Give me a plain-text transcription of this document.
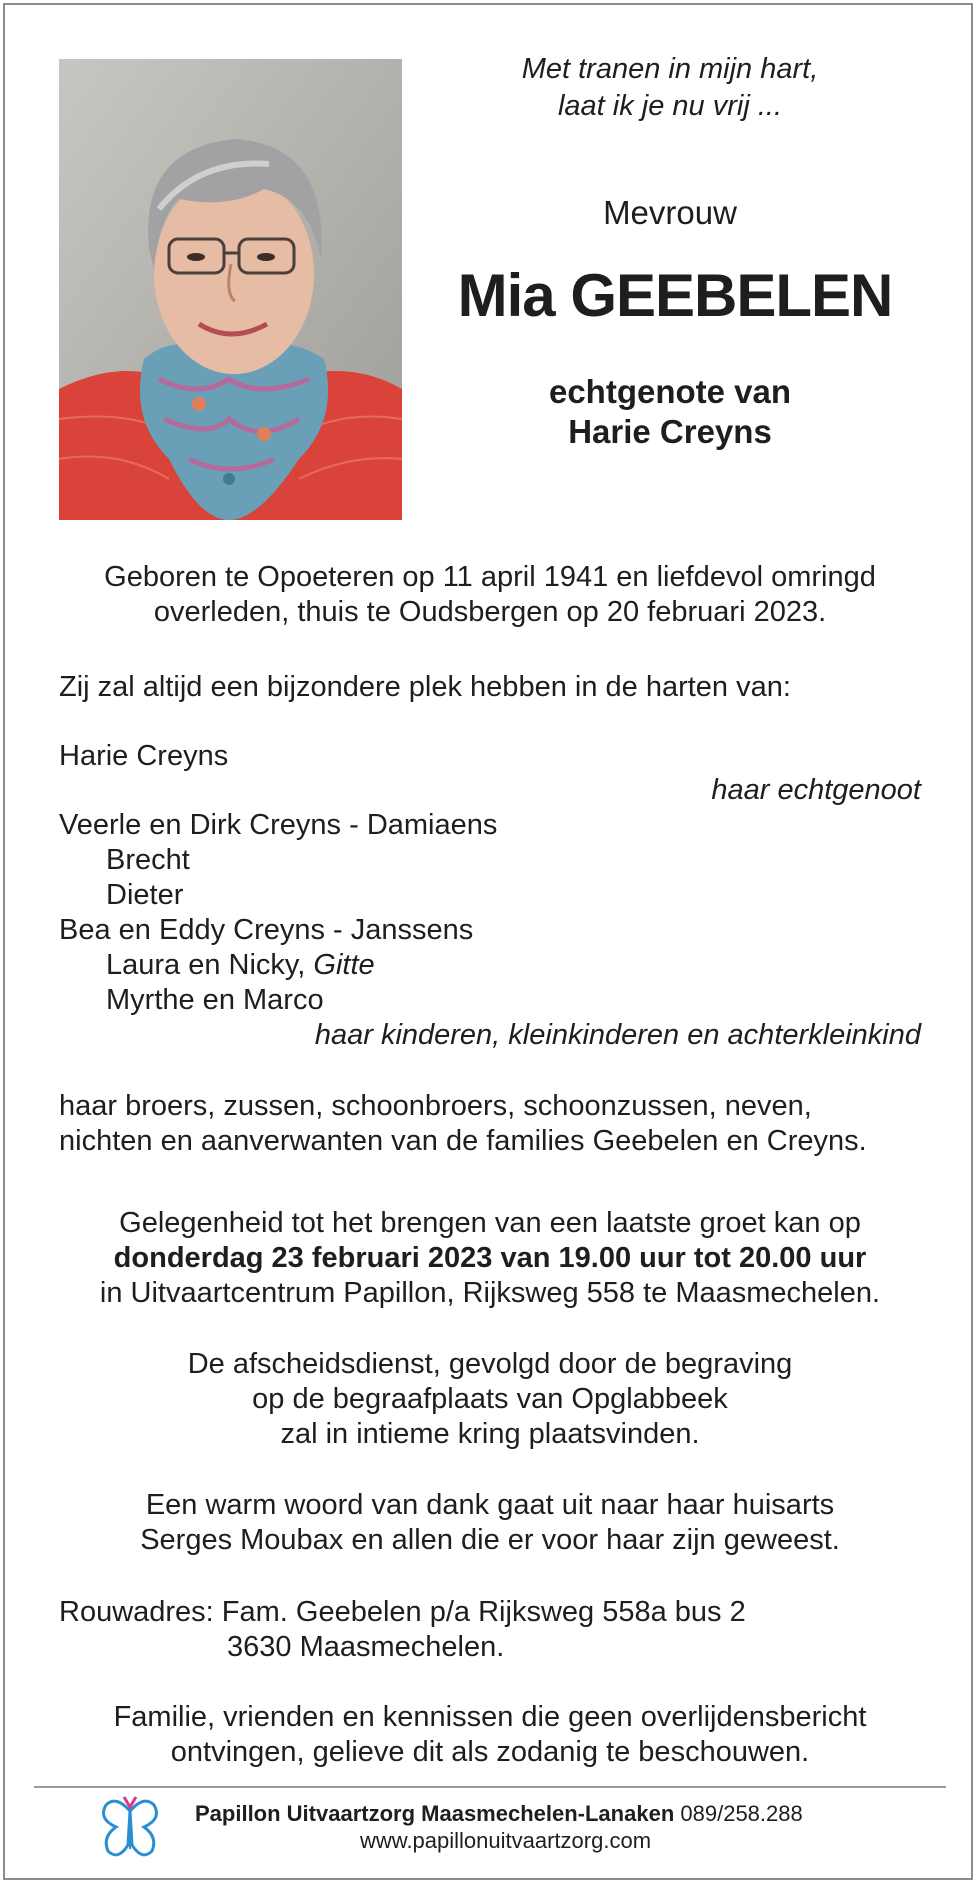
Met tranen in mijn hart,
laat ik je nu vrij ...
Mevrouw
Mia GEEBELEN
echtgenote van
Harie Creyns
Geboren te Opoeteren op 11 april 1941 en liefdevol omringd
overleden, thuis te Oudsbergen op 20 februari 2023.
Zij zal altijd een bijzondere plek hebben in de harten van:
Harie Creyns
haar echtgenoot
Veerle en Dirk Creyns - Damiaens
Brecht
Dieter
Bea en Eddy Creyns - Janssens
Laura en Nicky, Gitte
Myrthe en Marco
haar kinderen, kleinkinderen en achterkleinkind
haar broers, zussen, schoonbroers, schoonzussen, neven,
nichten en aanverwanten van de families Geebelen en Creyns.
Gelegenheid tot het brengen van een laatste groet kan op
donderdag 23 februari 2023 van 19.00 uur tot 20.00 uur
in Uitvaartcentrum Papillon, Rijksweg 558 te Maasmechelen.
De afscheidsdienst, gevolgd door de begraving
op de begraafplaats van Opglabbeek
zal in intieme kring plaatsvinden.
Een warm woord van dank gaat uit naar haar huisarts
Serges Moubax en allen die er voor haar zijn geweest.
Rouwadres: Fam. Geebelen p/a Rijksweg 558a bus 2
3630 Maasmechelen.
Familie, vrienden en kennissen die geen overlijdensbericht
ontvingen, gelieve dit als zodanig te beschouwen.
Papillon Uitvaartzorg Maasmechelen-Lanaken 089/258.288
www.papillonuitvaartzorg.com
